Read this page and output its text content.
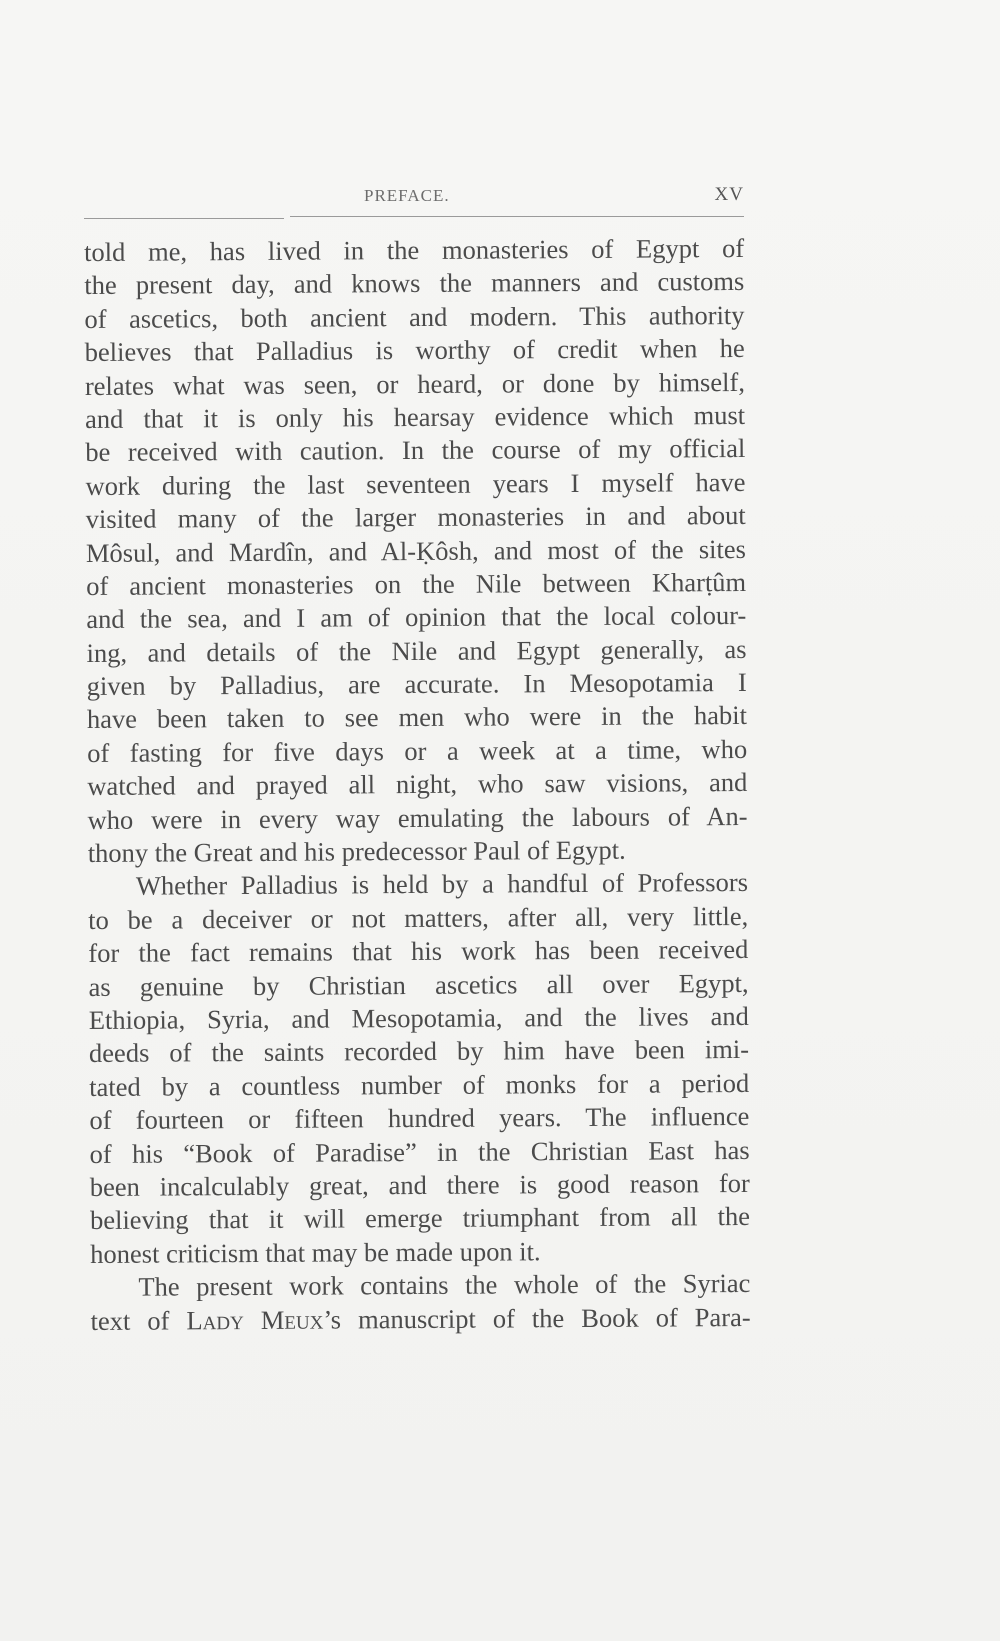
PREFACE.	XV
told me, has lived in the monasteries of Egypt of
the present day, and knows the manners and customs
of ascetics, both ancient and modern. This authority
believes that Palladius is worthy of credit when he
relates what was seen, or heard, or done by himself,
and that it is only his hearsay evidence which must
be received with caution. In the course of my official
work during the last seventeen years I myself have
visited many of the larger monasteries in and about
Môsul, and Mardîn, and Al-Ḳôsh, and most of the sites
of ancient monasteries on the Nile between Kharṭûm
and the sea, and I am of opinion that the local colour-
ing, and details of the Nile and Egypt generally, as
given by Palladius, are accurate. In Mesopotamia I
have been taken to see men who were in the habit
of fasting for five days or a week at a time, who
watched and prayed all night, who saw visions, and
who were in every way emulating the labours of An-
thony the Great and his predecessor Paul of Egypt.
Whether Palladius is held by a handful of Professors
to be a deceiver or not matters, after all, very little,
for the fact remains that his work has been received
as genuine by Christian ascetics all over Egypt,
Ethiopia, Syria, and Mesopotamia, and the lives and
deeds of the saints recorded by him have been imi-
tated by a countless number of monks for a period
of fourteen or fifteen hundred years. The influence
of his “Book of Paradise” in the Christian East has
been incalculably great, and there is good reason for
believing that it will emerge triumphant from all the
honest criticism that may be made upon it.
The present work contains the whole of the Syriac
text of Lady Meux’s manuscript of the Book of Para-
